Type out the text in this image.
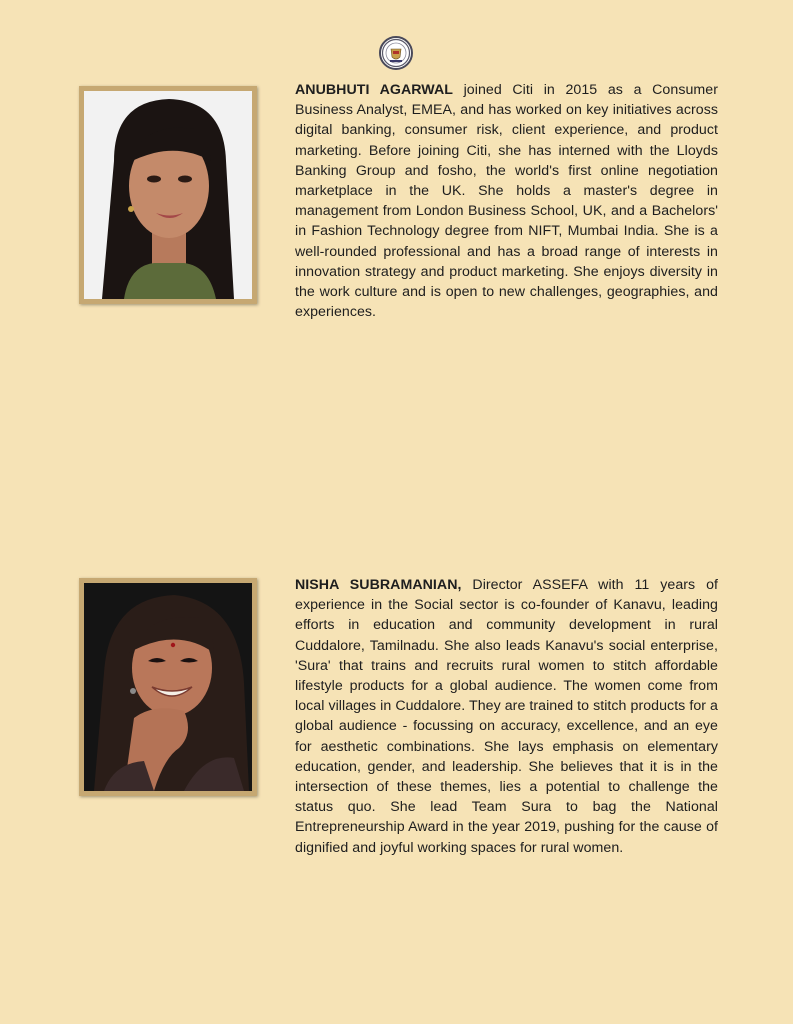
ANUBHUTI AGARWAL joined Citi in 2015 as a Consumer Business Analyst, EMEA, and has worked on key initiatives across digital banking, consumer risk, client experience, and product marketing. Before joining Citi, she has interned with the Lloyds Banking Group and fosho, the world's first online negotiation marketplace in the UK. She holds a master's degree in management from London Business School, UK, and a Bachelors' in Fashion Technology degree from NIFT, Mumbai India. She is a well-rounded professional and has a broad range of interests in innovation strategy and product marketing. She enjoys diversity in the work culture and is open to new challenges, geographies, and experiences.

NISHA SUBRAMANIAN, Director ASSEFA with 11 years of experience in the Social sector is co-founder of Kanavu, leading efforts in education and community development in rural Cuddalore, Tamilnadu. She also leads Kanavu's social enterprise, 'Sura' that trains and recruits rural women to stitch affordable lifestyle products for a global audience. The women come from local villages in Cuddalore. They are trained to stitch products for a global audience - focussing on accuracy, excellence, and an eye for aesthetic combinations. She lays emphasis on elementary education, gender, and leadership. She believes that it is in the intersection of these themes, lies a potential to challenge the status quo. She lead Team Sura to bag the National Entrepreneurship Award in the year 2019, pushing for the cause of dignified and joyful working spaces for rural women.
